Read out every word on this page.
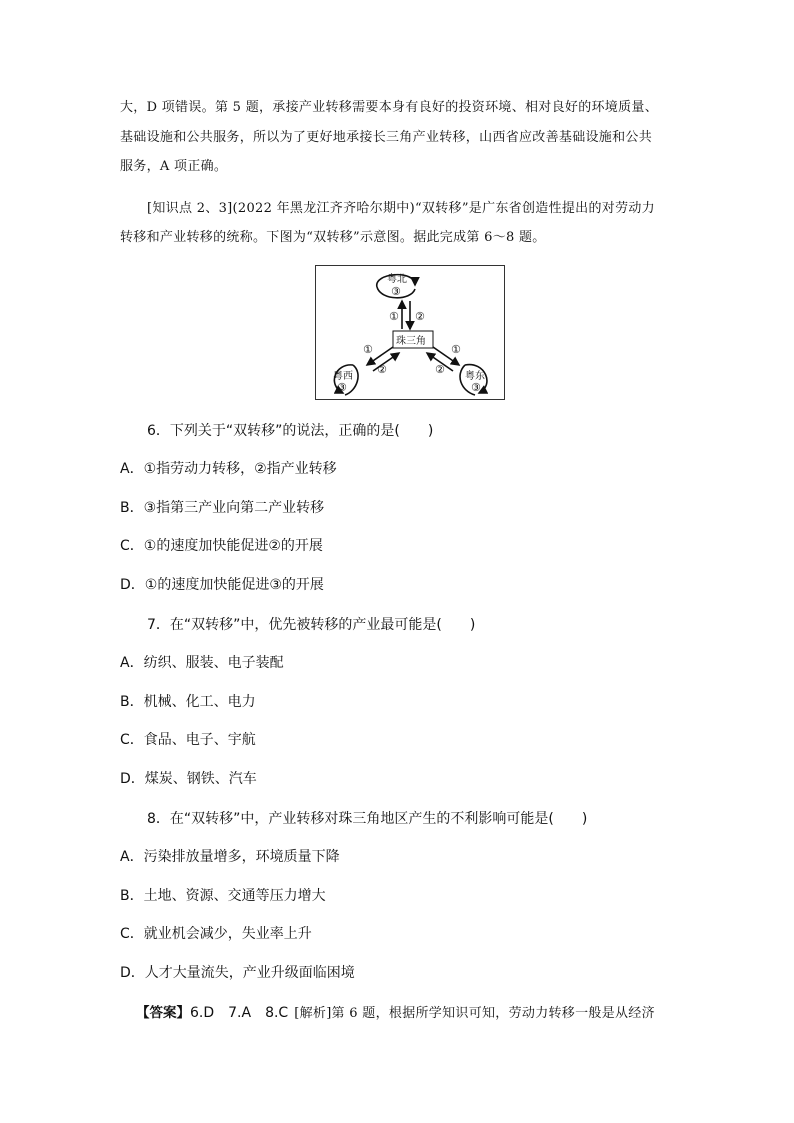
大，D 项错误。第 5 题，承接产业转移需要本身有良好的投资环境、相对良好的环境质量、
基础设施和公共服务，所以为了更好地承接长三角产业转移，山西省应改善基础设施和公共
服务，A 项正确。
[知识点 2、3](2022 年黑龙江齐齐哈尔期中)“双转移”是广东省创造性提出的对劳动力
转移和产业转移的统称。下图为“双转移”示意图。据此完成第 6～8 题。
粤北
③
① ②
珠三角
粤西
③
①
②
粤东
③
①
②
6．下列关于“双转移”的说法，正确的是(　　)
A．①指劳动力转移，②指产业转移
B．③指第三产业向第二产业转移
C．①的速度加快能促进②的开展
D．①的速度加快能促进③的开展
7．在“双转移”中，优先被转移的产业最可能是(　　)
A．纺织、服装、电子装配
B．机械、化工、电力
C．食品、电子、宇航
D．煤炭、钢铁、汽车
8．在“双转移”中，产业转移对珠三角地区产生的不利影响可能是(　　)
A．污染排放量增多，环境质量下降
B．土地、资源、交通等压力增大
C．就业机会减少，失业率上升
D．人才大量流失，产业升级面临困境
【答案】6.D　7.A　8.C [解析]第 6 题，根据所学知识可知，劳动力转移一般是从经济
